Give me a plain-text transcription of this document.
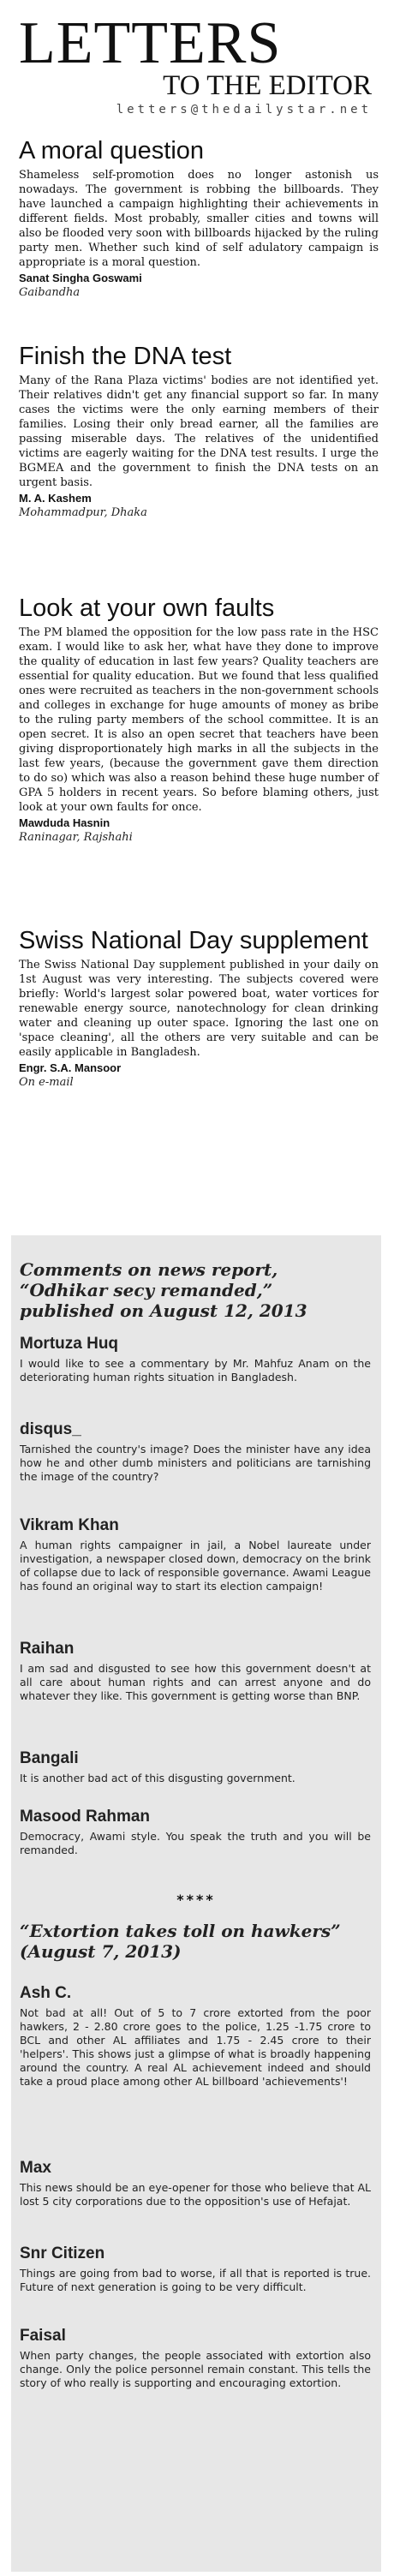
LETTERS
TO THE EDITOR
letters@thedailystar.net
A moral question

Shameless self-promotion does no longer astonish us nowadays. The government is robbing the billboards. They have launched a campaign highlighting their achievements in different fields. Most probably, smaller cities and towns will also be flooded very soon with billboards hijacked by the ruling party men. Whether such kind of self adulatory campaign is appropriate is a moral question.

Sanat Singha Goswami
Gaibandha
Finish the DNA test

Many of the Rana Plaza victims' bodies are not identified yet. Their relatives didn't get any financial support so far. In many cases the victims were the only earning members of their families. Losing their only bread earner, all the families are passing miserable days. The relatives of the unidentified victims are eagerly waiting for the DNA test results. I urge the BGMEA and the government to finish the DNA tests on an urgent basis.

M. A. Kashem
Mohammadpur, Dhaka
Look at your own faults

The PM blamed the opposition for the low pass rate in the HSC exam. I would like to ask her, what have they done to improve the quality of education in last few years? Quality teachers are essential for quality education. But we found that less qualified ones were recruited as teachers in the non-government schools and colleges in exchange for huge amounts of money as bribe to the ruling party members of the school committee. It is an open secret. It is also an open secret that teachers have been giving disproportionately high marks in all the subjects in the last few years, (because the government gave them direction to do so) which was also a reason behind these huge number of GPA 5 holders in recent years. So before blaming others, just look at your own faults for once.

Mawduda Hasnin
Raninagar, Rajshahi
Swiss National Day supplement

The Swiss National Day supplement published in your daily on 1st August was very interesting. The subjects covered were briefly: World's largest solar powered boat, water vortices for renewable energy source, nanotechnology for clean drinking water and cleaning up outer space. Ignoring the last one on 'space cleaning', all the others are very suitable and can be easily applicable in Bangladesh.

Engr. S.A. Mansoor
On e-mail

Comments on news report, “Odhikar secy remanded,” published on August 12, 2013

Mortuza Huq

I would like to see a commentary by Mr. Mahfuz Anam on the deteriorating human rights situation in Bangladesh.

disqus_

Tarnished the country's image? Does the minister have any idea how he and other dumb ministers and politicians are tarnishing the image of the country?

Vikram Khan

A human rights campaigner in jail, a Nobel laureate under investigation, a newspaper closed down, democracy on the brink of collapse due to lack of responsible governance. Awami League has found an original way to start its election campaign!

Raihan

I am sad and disgusted to see how this government doesn't at all care about human rights and can arrest anyone and do whatever they like. This government is getting worse than BNP.

Bangali

It is another bad act of this disgusting government.

Masood Rahman

Democracy, Awami style. You speak the truth and you will be remanded.

****

“Extortion takes toll on hawkers” (August 7, 2013)

Ash C.

Not bad at all! Out of 5 to 7 crore extorted from the poor hawkers, 2 - 2.80 crore goes to the police, 1.25 -1.75 crore to BCL and other AL affiliates and 1.75 - 2.45 crore to their 'helpers'. This shows just a glimpse of what is broadly happening around the country. A real AL achievement indeed and should take a proud place among other AL billboard 'achievements'!

Max

This news should be an eye-opener for those who believe that AL lost 5 city corporations due to the opposition's use of Hefajat.

Snr Citizen

Things are going from bad to worse, if all that is reported is true. Future of next generation is going to be very difficult.

Faisal

When party changes, the people associated with extortion also change. Only the police personnel remain constant. This tells the story of who really is supporting and encouraging extortion.
